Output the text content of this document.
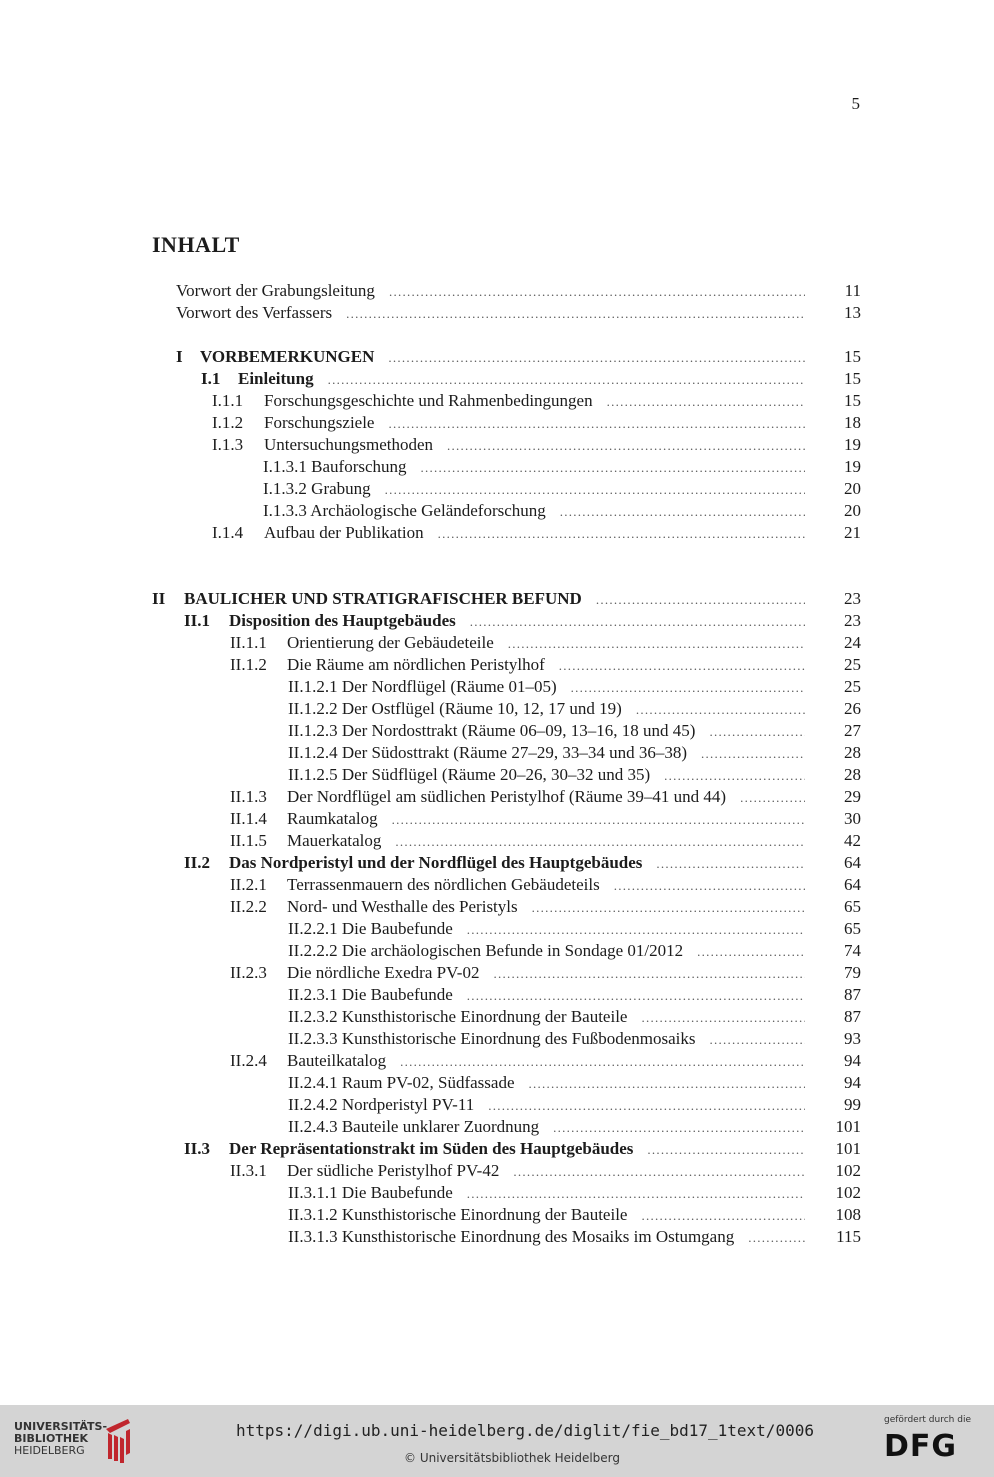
5
INHALT
Vorwort der Grabungsleitung . . .	11
Vorwort des Verfassers . . .	13
I	VORBEMERKUNGEN . . .	15
I.1	Einleitung . . .	15
I.1.1	Forschungsgeschichte und Rahmenbedingungen . . .	15
I.1.2	Forschungsziele . . .	18
I.1.3	Untersuchungsmethoden . . .	19
I.1.3.1 Bauforschung . . .	19
I.1.3.2 Grabung . . .	20
I.1.3.3 Archäologische Geländeforschung . . .	20
I.1.4	Aufbau der Publikation . . .	21
II	BAULICHER UND STRATIGRAFISCHER BEFUND . . .	23
II.1	Disposition des Hauptgebäudes . . .	23
II.1.1	Orientierung der Gebäudeteile . . .	24
II.1.2	Die Räume am nördlichen Peristylhof . . .	25
II.1.2.1 Der Nordflügel (Räume 01–05) . . .	25
II.1.2.2 Der Ostflügel (Räume 10, 12, 17 und 19) . . .	26
II.1.2.3 Der Nordosttrakt (Räume 06–09, 13–16, 18 und 45) . . .	27
II.1.2.4 Der Südosttrakt (Räume 27–29, 33–34 und 36–38) . . .	28
II.1.2.5 Der Südflügel (Räume 20–26, 30–32 und 35) . . .	28
II.1.3	Der Nordflügel am südlichen Peristylhof (Räume 39–41 und 44) . . .	29
II.1.4	Raumkatalog . . .	30
II.1.5	Mauerkatalog . . .	42
II.2	Das Nordperistyl und der Nordflügel des Hauptgebäudes . . .	64
II.2.1	Terrassenmauern des nördlichen Gebäudeteils . . .	64
II.2.2	Nord- und Westhalle des Peristyls . . .	65
II.2.2.1 Die Baubefunde . . .	65
II.2.2.2 Die archäologischen Befunde in Sondage 01/2012 . . .	74
II.2.3	Die nördliche Exedra PV-02 . . .	79
II.2.3.1 Die Baubefunde . . .	87
II.2.3.2 Kunsthistorische Einordnung der Bauteile . . .	87
II.2.3.3 Kunsthistorische Einordnung des Fußbodenmosaiks . . .	93
II.2.4	Bauteilkatalog . . .	94
II.2.4.1 Raum PV-02, Südfassade . . .	94
II.2.4.2 Nordperistyl PV-11 . . .	99
II.2.4.3 Bauteile unklarer Zuordnung . . .	101
II.3	Der Repräsentationstrakt im Süden des Hauptgebäudes . . .	101
II.3.1	Der südliche Peristylhof PV-42 . . .	102
II.3.1.1 Die Baubefunde . . .	102
II.3.1.2 Kunsthistorische Einordnung der Bauteile . . .	108
II.3.1.3 Kunsthistorische Einordnung des Mosaiks im Ostumgang . . .	115
UNIVERSITÄTS-
BIBLIOTHEK
HEIDELBERG
https://digi.ub.uni-heidelberg.de/diglit/fie_bd17_1text/0006
© Universitätsbibliothek Heidelberg
gefördert durch die
DFG
